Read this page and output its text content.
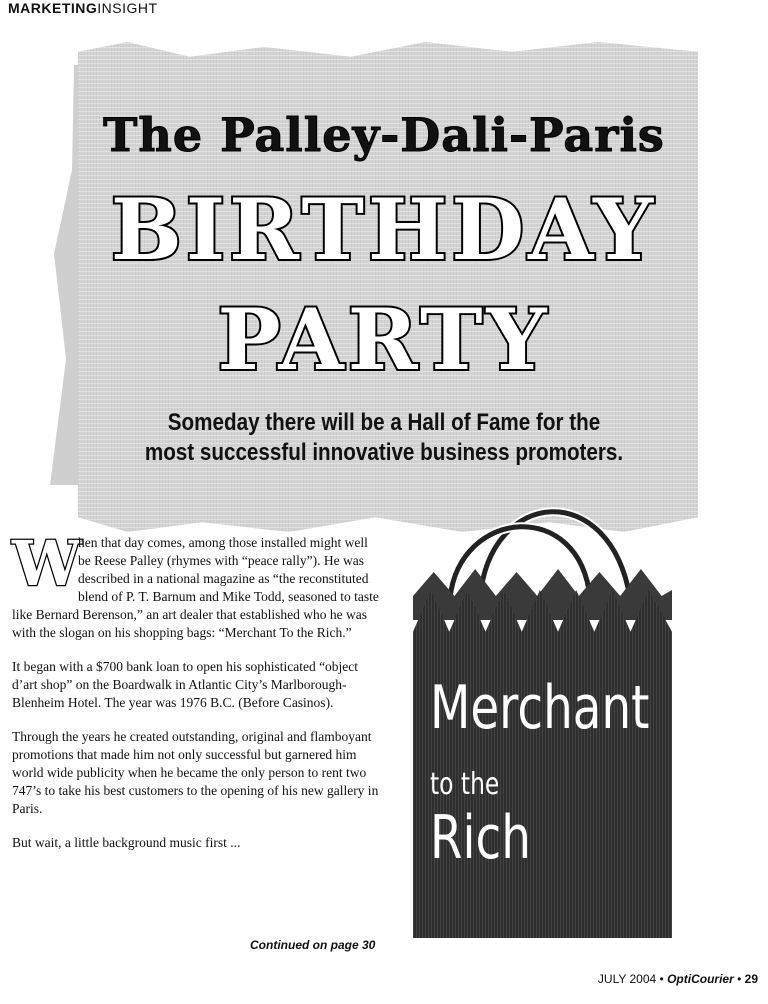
MARKETINGINSIGHT
The Palley-Dali-Paris
BIRTHDAY
PARTY
Someday there will be a Hall of Fame for the
most successful innovative business promoters.

W
hen that day comes, among those installed might well be Reese Palley (rhymes with “peace rally”). He was described in a national magazine as “the reconstituted blend of P. T. Barnum and Mike Todd, seasoned to taste like Bernard Berenson,” an art dealer that established who he was with the slogan on his shopping bags: “Merchant To the Rich.”

It began with a $700 bank loan to open his sophisticated “object d’art shop” on the Boardwalk in Atlantic City’s Marlborough-Blenheim Hotel. The year was 1976 B.C. (Before Casinos).

Through the years he created outstanding, original and flamboyant promotions that made him not only successful but garnered him world wide publicity when he became the only person to rent two 747’s to take his best customers to the opening of his new gallery in Paris.

But wait, a little background music first ...

Continued on page 30
Merchant
to the
Rich
JULY 2004 • OptiCourier • 29
